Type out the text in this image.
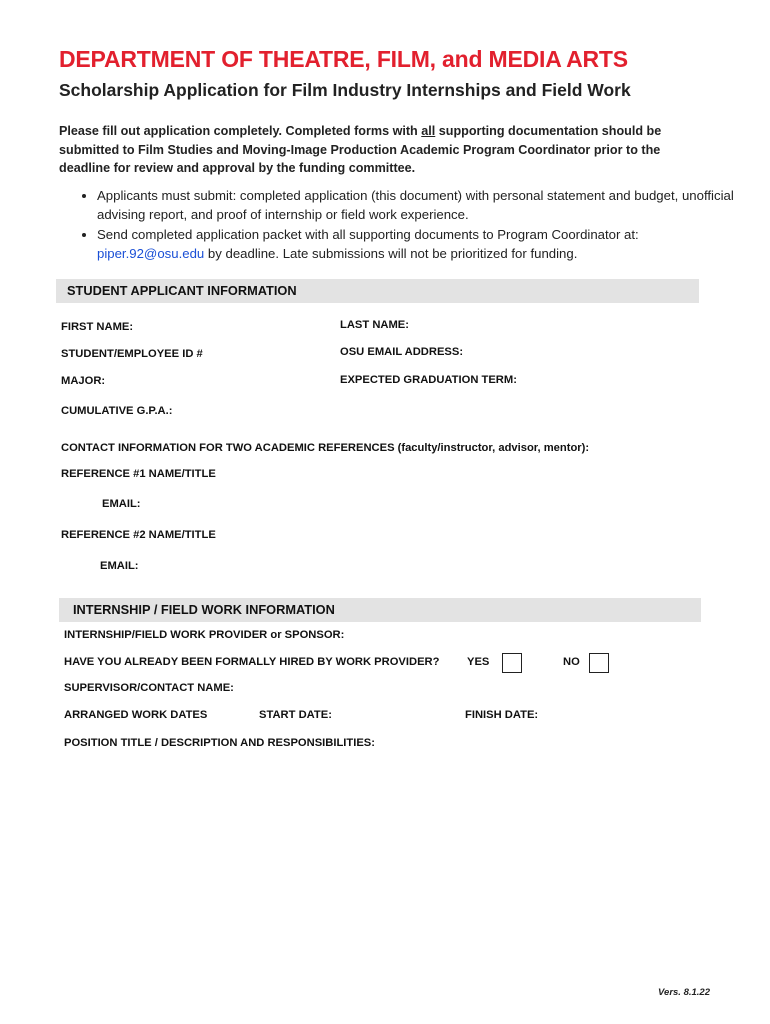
DEPARTMENT OF THEATRE, FILM, and MEDIA ARTS
Scholarship Application for Film Industry Internships and Field Work
Please fill out application completely. Completed forms with all supporting documentation should be submitted to Film Studies and Moving-Image Production Academic Program Coordinator prior to the deadline for review and approval by the funding committee.
• Applicants must submit: completed application (this document) with personal statement and budget, unofficial advising report, and proof of internship or field work experience.
• Send completed application packet with all supporting documents to Program Coordinator at: piper.92@osu.edu by deadline. Late submissions will not be prioritized for funding.
STUDENT APPLICANT INFORMATION
FIRST NAME:	LAST NAME:
STUDENT/EMPLOYEE ID #	OSU EMAIL ADDRESS:
MAJOR:	EXPECTED GRADUATION TERM:
CUMULATIVE G.P.A.:
CONTACT INFORMATION FOR TWO ACADEMIC REFERENCES (faculty/instructor, advisor, mentor):
REFERENCE #1 NAME/TITLE
EMAIL:
REFERENCE #2 NAME/TITLE
EMAIL:
INTERNSHIP / FIELD WORK INFORMATION
INTERNSHIP/FIELD WORK PROVIDER or SPONSOR:
HAVE YOU ALREADY BEEN FORMALLY HIRED BY WORK PROVIDER? YES	NO
SUPERVISOR/CONTACT NAME:
ARRANGED WORK DATES	START DATE:	FINISH DATE:
POSITION TITLE / DESCRIPTION AND RESPONSIBILITIES:
Vers. 8.1.22
